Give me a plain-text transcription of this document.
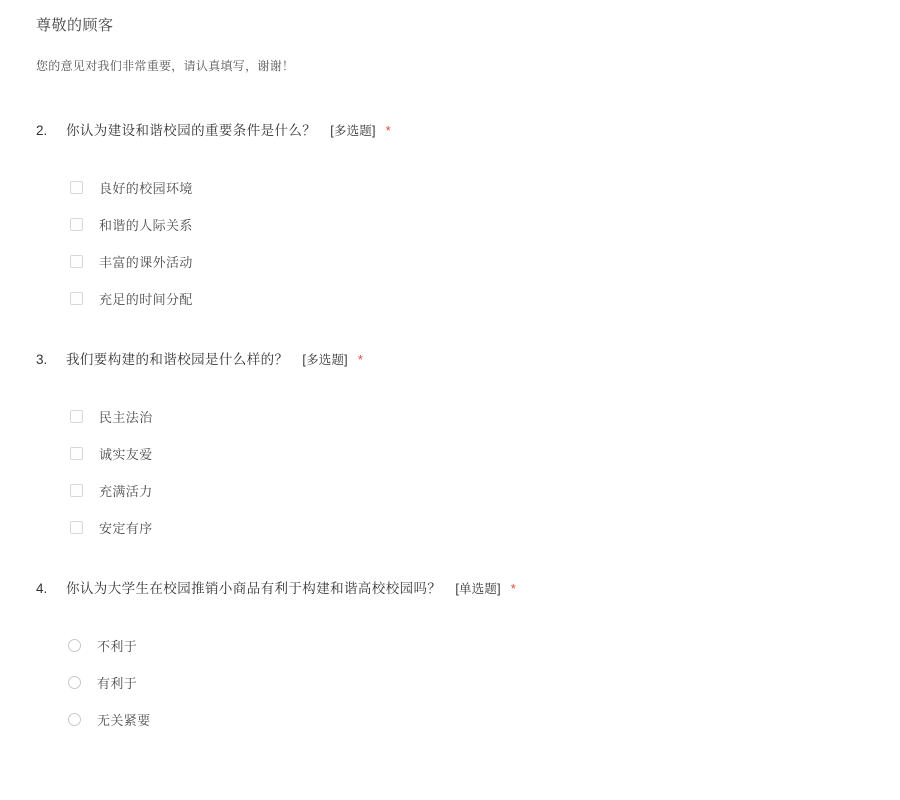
尊敬的顾客
您的意见对我们非常重要，请认真填写，谢谢！
2.	你认为建设和谐校园的重要条件是什么？ [多选题] *
良好的校园环境
和谐的人际关系
丰富的课外活动
充足的时间分配
3.	我们要构建的和谐校园是什么样的？ [多选题] *
民主法治
诚实友爱
充满活力
安定有序
4.	你认为大学生在校园推销小商品有利于构建和谐高校校园吗？ [单选题] *
不利于
有利于
无关紧要
